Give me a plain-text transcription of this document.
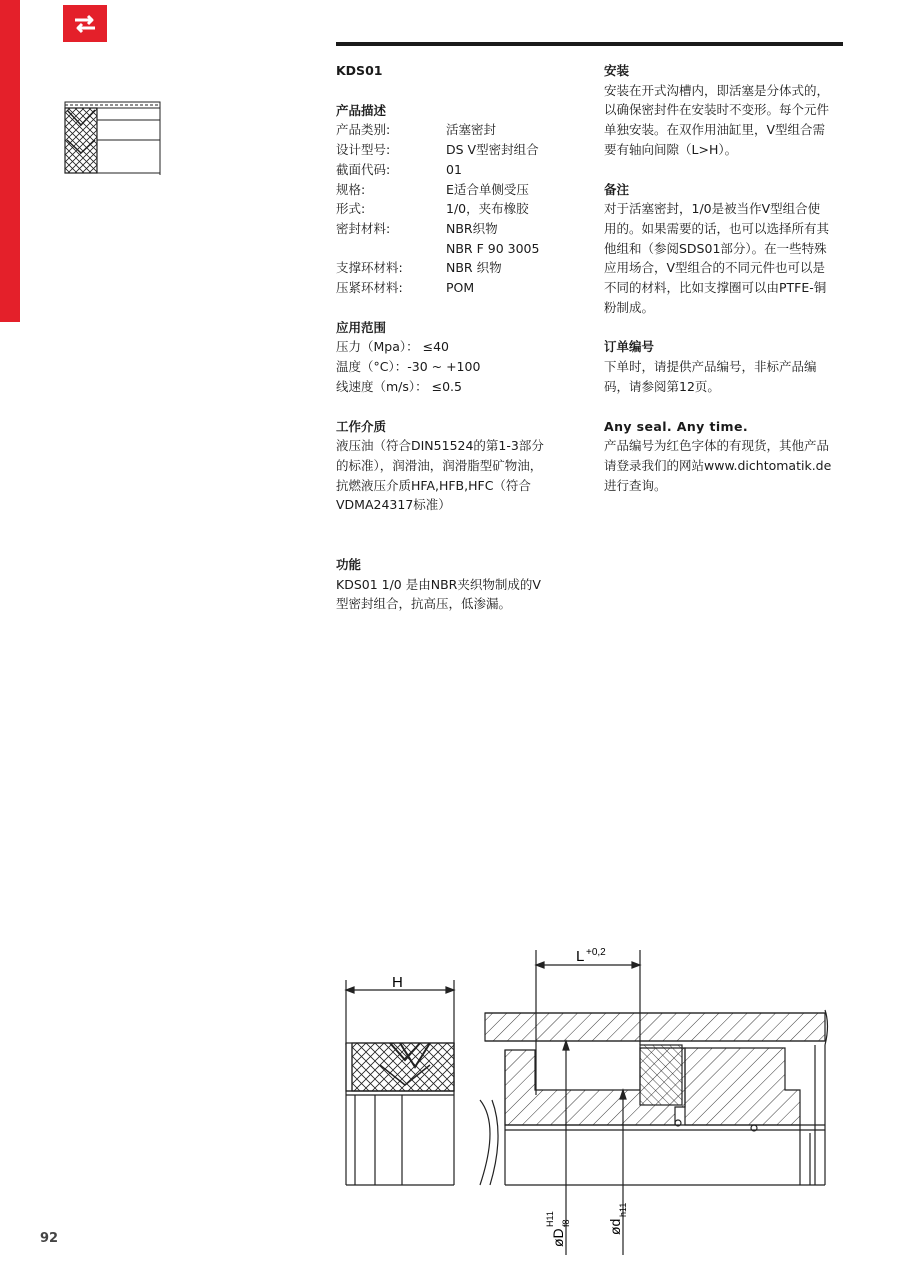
KDS01

产品描述

产品类别:	活塞密封
设计型号:	DS V型密封组合
截面代码:	01
规格:	E适合单侧受压
形式:	1/0，夹布橡胶
密封材料:	NBR织物
NBR F 90 3005
支撑环材料:	NBR 织物
压紧环材料:	POM

应用范围

压力（Mpa）： ≤40

温度（°C）：-30 ~ +100

线速度（m/s）： ≤0.5

工作介质

液压油（符合DIN51524的第1-3部分

的标准），润滑油，润滑脂型矿物油，

抗燃液压介质HFA,HFB,HFC（符合

VDMA24317标准）

功能

KDS01 1/0 是由NBR夹织物制成的V

型密封组合，抗高压，低渗漏。

安装

安装在开式沟槽内，即活塞是分体式的，

以确保密封件在安装时不变形。每个元件

单独安装。在双作用油缸里，V型组合需

要有轴向间隙（L>H）。

备注

对于活塞密封，1/0是被当作V型组合使

用的。如果需要的话，也可以选择所有其

他组和（参阅SDS01部分）。在一些特殊

应用场合，V型组合的不同元件也可以是

不同的材料，比如支撑圈可以由PTFE-铜

粉制成。

订单编号

下单时，请提供产品编号，非标产品编

码，请参阅第12页。

Any seal. Any time.

产品编号为红色字体的有现货，其他产品

请登录我们的网站www.dichtomatik.de

进行查询。

H
L +0,2
øD
f8
H11	ød
h11
92
